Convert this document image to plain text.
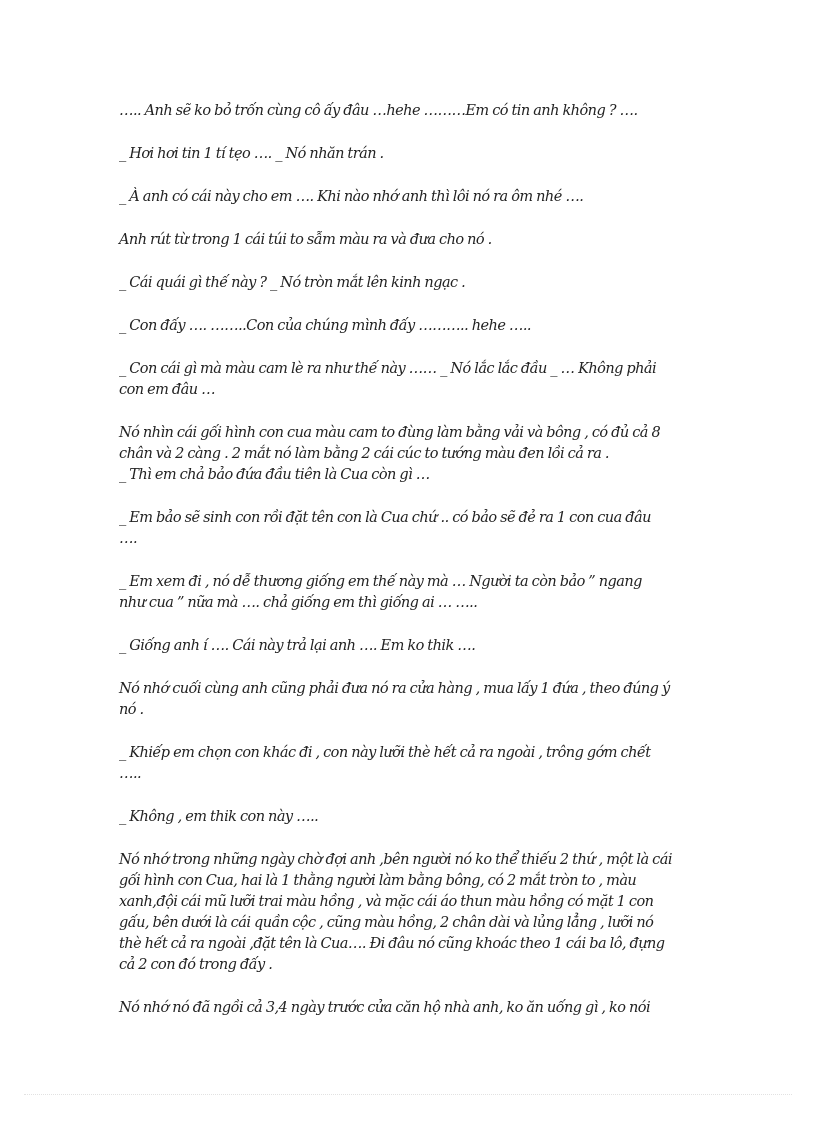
….. Anh sẽ ko bỏ trốn cùng cô ấy đâu …hehe ………Em có tin anh không ? ….

_ Hơi hơi tin 1 tí tẹo …. _ Nó nhăn trán .

_ À anh có cái này cho em …. Khi nào nhớ anh thì lôi nó ra ôm nhé ….

Anh rút từ trong 1 cái túi to sẫm màu ra và đưa cho nó .

_ Cái quái gì thế này ? _ Nó tròn mắt lên kinh ngạc .

_ Con đấy …. ……..Con của chúng mình đấy ……….. hehe …..

_ Con cái gì mà màu cam lè ra như thế này …… _ Nó lắc lắc đầu _ … Không phải
con em đâu …

Nó nhìn cái gối hình con cua màu cam to đùng làm bằng vải và bông , có đủ cả 8
chân và 2 càng . 2 mắt nó làm bằng 2 cái cúc to tướng màu đen lồi cả ra .
_ Thì em chả bảo đứa đầu tiên là Cua còn gì …

_ Em bảo sẽ sinh con rồi đặt tên con là Cua chứ .. có bảo sẽ đẻ ra 1 con cua đâu
….

_ Em xem đi , nó dễ thương giống em thế này mà … Người ta còn bảo ” ngang
như cua ” nữa mà …. chả giống em thì giống ai … …..

_ Giống anh í …. Cái này trả lại anh …. Em ko thik ….

Nó nhớ cuối cùng anh cũng phải đưa nó ra cửa hàng , mua lấy 1 đứa , theo đúng ý
nó .

_ Khiếp em chọn con khác đi , con này lưỡi thè hết cả ra ngoài , trông gớm chết
…..

_ Không , em thik con này …..

Nó nhớ trong những ngày chờ đợi anh ,bên người nó ko thể thiếu 2 thứ , một là cái
gối hình con Cua, hai là 1 thằng người làm bằng bông, có 2 mắt tròn to , màu
xanh,đội cái mũ lưỡi trai màu hồng , và mặc cái áo thun màu hồng có mặt 1 con
gấu, bên dưới là cái quần cộc , cũng màu hồng, 2 chân dài và lủng lẳng , lưỡi nó
thè hết cả ra ngoài ,đặt tên là Cua…. Đi đâu nó cũng khoác theo 1 cái ba lô, đựng
cả 2 con đó trong đấy .

Nó nhớ nó đã ngồi cả 3,4 ngày trước cửa căn hộ nhà anh, ko ăn uống gì , ko nói
